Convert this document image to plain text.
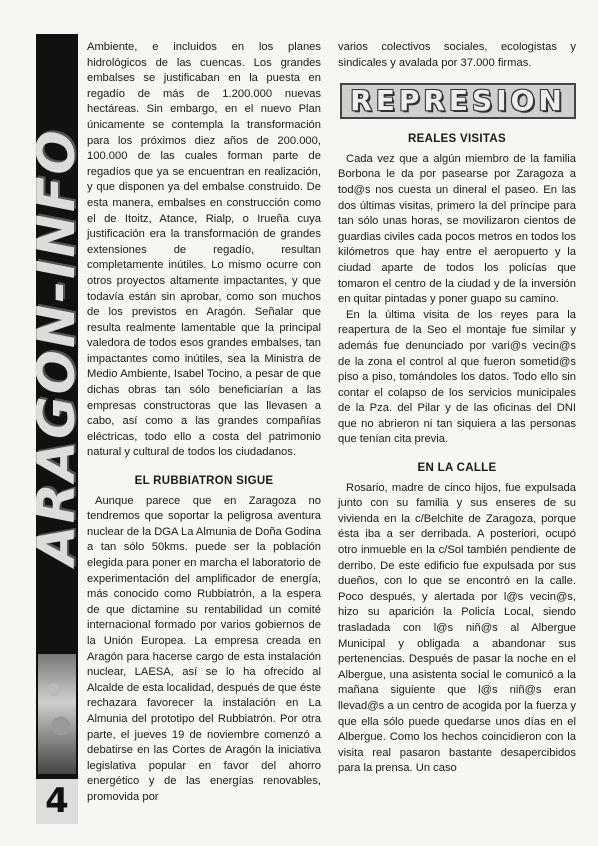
ARAGON-INFO
4

Ambiente, e incluidos en los planes hidrológicos de las cuencas. Los grandes embalses se justificaban en la puesta en regadío de más de 1.200.000 nuevas hectáreas. Sin embargo, en el nuevo Plan únicamente se contempla la transformación para los próximos diez años de 200.000, 100.000 de las cuales forman parte de regadíos que ya se encuentran en realización, y que disponen ya del embalse construido. De esta manera, embalses en construcción como el de Itoitz, Atance, Rialp, o Irueña cuya justificación era la transformación de grandes extensiones de regadío, resultan completamente inútiles. Lo mismo ocurre con otros proyectos altamente impactantes, y que todavía están sin aprobar, como son muchos de los previstos en Aragón. Señalar que resulta realmente lamentable que la principal valedora de todos esos grandes embalses, tan impactantes como inútiles, sea la Ministra de Medio Ambiente, Isabel Tocino, a pesar de que dichas obras tan sólo beneficiarían a las empresas constructoras que las llevasen a cabo, así como a las grandes compañías eléctricas, todo ello a costa del patrimonio natural y cultural de todos los ciudadanos.

EL RUBBIATRON SIGUE

Aunque parece que en Zaragoza no tendremos que soportar la peligrosa aventura nuclear de la DGA La Almunia de Doña Godina a tan sólo 50kms. puede ser la población elegida para poner en marcha el laboratorio de experimentación del amplificador de energía, más conocido como Rubbiatrón, a la espera de que dictamine su rentabilidad un comité internacional formado por varios gobiernos de la Unión Europea. La empresa creada en Aragón para hacerse cargo de esta instalación nuclear, LAESA, así se lo ha ofrecido al Alcalde de esta localidad, después de que éste rechazara favorecer la instalación en La Almunia del prototipo del Rubbiatrón. Por otra parte, el jueves 19 de noviembre comenzó a debatirse en las Cortes de Aragón la iniciativa legislativa popular en favor del ahorro energético y de las energías renovables, promovida por

varios colectivos sociales, ecologistas y sindicales y avalada por 37.000 firmas.

REPRESION
REALES VISITAS

Cada vez que a algún miembro de la familia Borbona le da por pasearse por Zaragoza a tod@s nos cuesta un dineral el paseo. En las dos últimas visitas, primero la del príncipe para tan sólo unas horas, se movilizaron cientos de guardias civiles cada pocos metros en todos los kilómetros que hay entre el aeropuerto y la ciudad aparte de todos los policías que tomaron el centro de la ciudad y de la inversión en quitar pintadas y poner guapo su camino.

En la última visita de los reyes para la reapertura de la Seo el montaje fue similar y además fue denunciado por vari@s vecin@s de la zona el control al que fueron sometid@s piso a piso, tomándoles los datos. Todo ello sin contar el colapso de los servicios municipales de la Pza. del Pilar y de las oficinas del DNI que no abrieron ni tan siquiera a las personas que tenían cita previa.

EN LA CALLE

Rosario, madre de cinco hijos, fue expulsada junto con su familia y sus enseres de su vivienda en la c/Belchite de Zaragoza, porque ésta iba a ser derribada. A posteriori, ocupó otro inmueble en la c/Sol también pendiente de derribo. De este edificio fue expulsada por sus dueños, con lo que se encontró en la calle. Poco después, y alertada por l@s vecin@s, hizo su aparición la Policía Local, siendo trasladada con l@s niñ@s al Albergue Municipal y obligada a abandonar sus pertenencias. Después de pasar la noche en el Albergue, una asistenta social le comunicó a la mañana siguiente que l@s niñ@s eran llevad@s a un centro de acogida por la fuerza y que ella sólo puede quedarse unos días en el Albergue. Como los hechos coincidieron con la visita real pasaron bastante desapercibidos para la prensa. Un caso
